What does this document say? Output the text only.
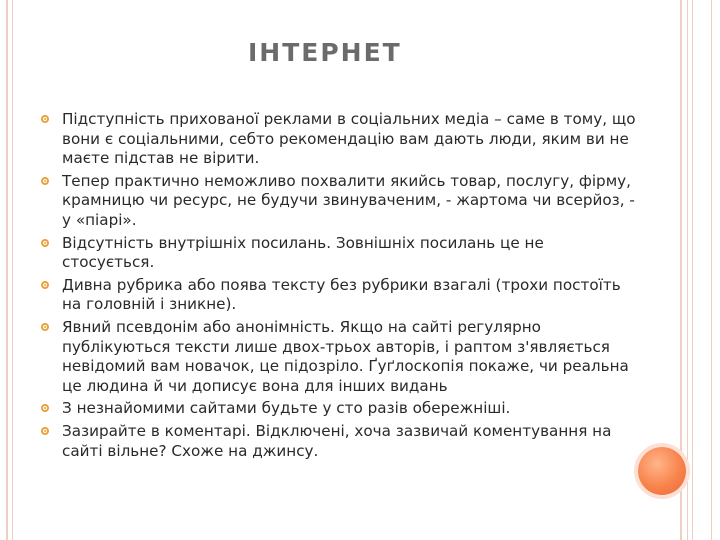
ІНТЕРНЕТ
Підступність прихованої реклами в соціальних медіа – саме в тому, що вони є соціальними, себто рекомендацію вам дають люди, яким ви не маєте підстав не вірити.
Тепер практично неможливо похвалити якийсь товар, послугу, фірму, крамницю чи ресурс, не будучи звинуваченим, - жартома чи всерйоз, - у «піарі».
Відсутність внутрішніх посилань. Зовнішніх посилань це не стосується.
Дивна рубрика або поява тексту без рубрики взагалі (трохи постоїть на головній і зникне).
Явний псевдонім або анонімність. Якщо на сайті регулярно публікуються тексти лише двох-трьох авторів, і раптом з'являється невідомий вам новачок, це підозріло. Ґуґлоскопія покаже, чи реальна це людина й чи дописує вона для інших видань
З незнайомими сайтами будьте у сто разів обережніші.
Зазирайте в коментарі. Відключені, хоча зазвичай коментування на сайті вільне? Схоже на джинсу.
